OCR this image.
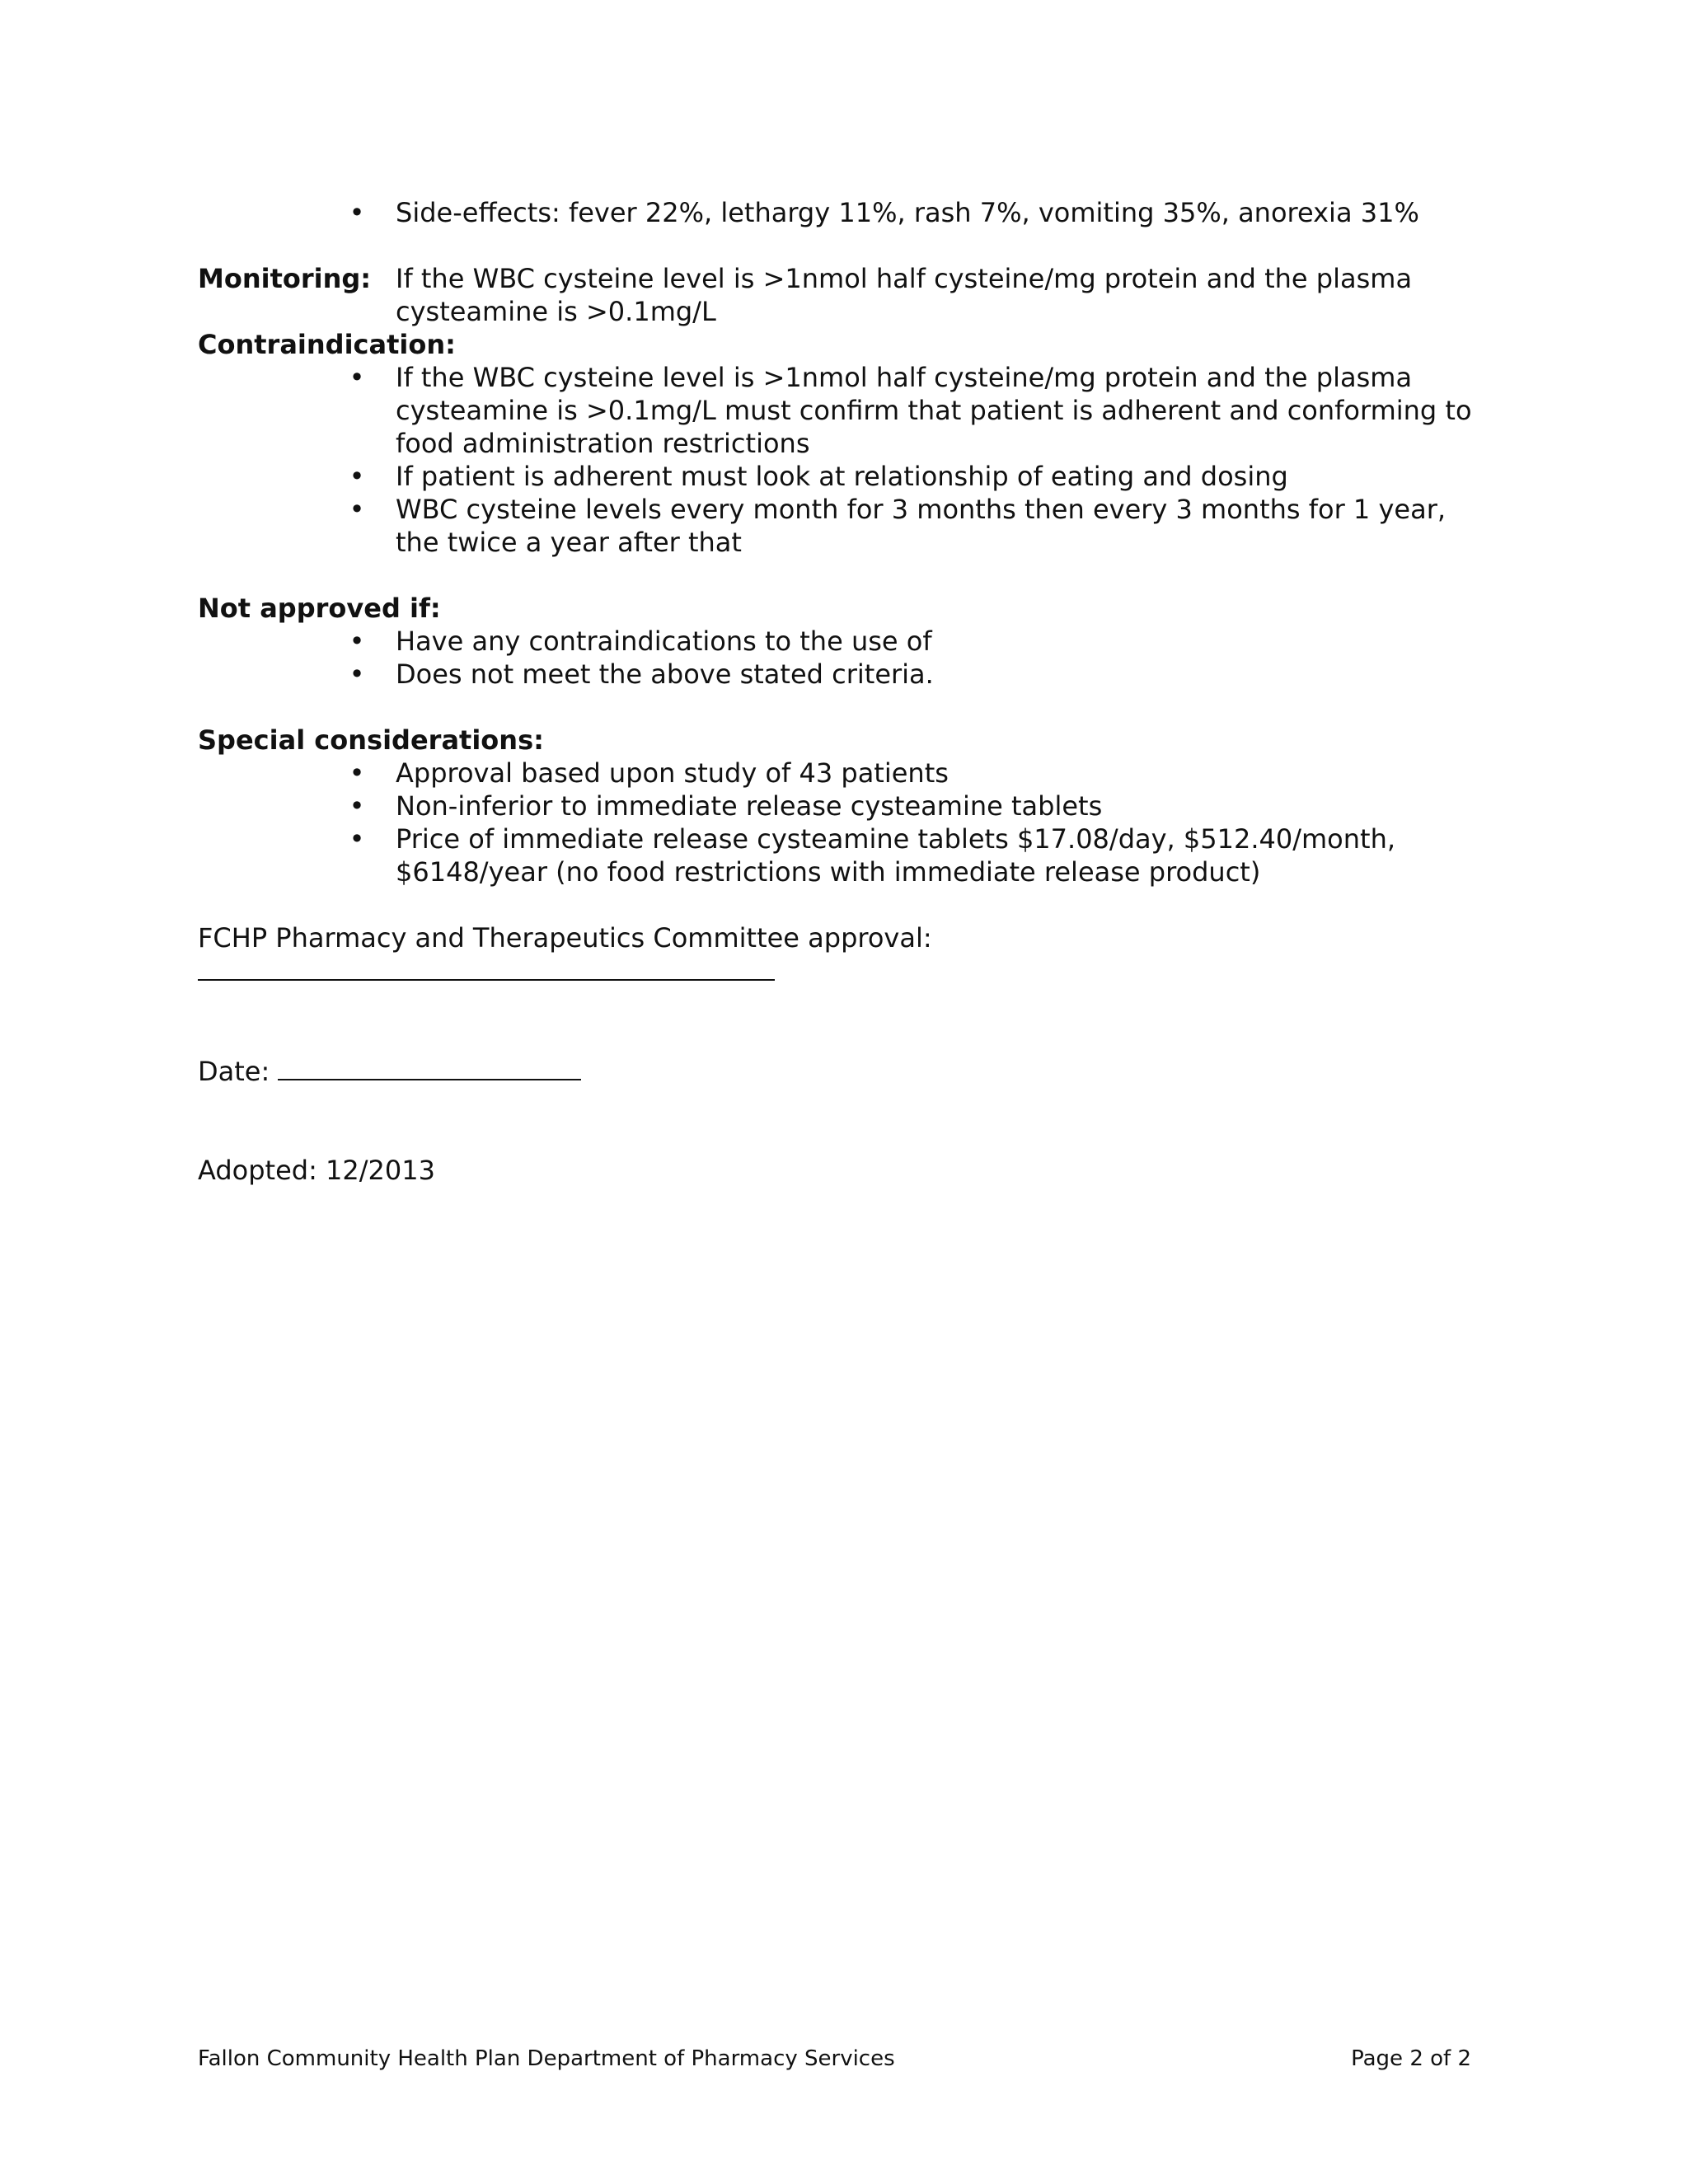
• Side-effects: fever 22%, lethargy 11%, rash 7%, vomiting 35%, anorexia 31%
Monitoring: If the WBC cysteine level is >1nmol half cysteine/mg protein and the plasma cysteamine is >0.1mg/L
Contraindication:
• If the WBC cysteine level is >1nmol half cysteine/mg protein and the plasma cysteamine is >0.1mg/L must confirm that patient is adherent and conforming to food administration restrictions
• If patient is adherent must look at relationship of eating and dosing
• WBC cysteine levels every month for 3 months then every 3 months for 1 year, the twice a year after that
Not approved if:
• Have any contraindications to the use of
• Does not meet the above stated criteria.
Special considerations:
• Approval based upon study of 43 patients
• Non-inferior to immediate release cysteamine tablets
• Price of immediate release cysteamine tablets $17.08/day, $512.40/month, $6148/year (no food restrictions with immediate release product)
FCHP Pharmacy and Therapeutics Committee approval:
Date:
Adopted: 12/2013
Fallon Community Health Plan Department of Pharmacy Services	Page 2 of 2
